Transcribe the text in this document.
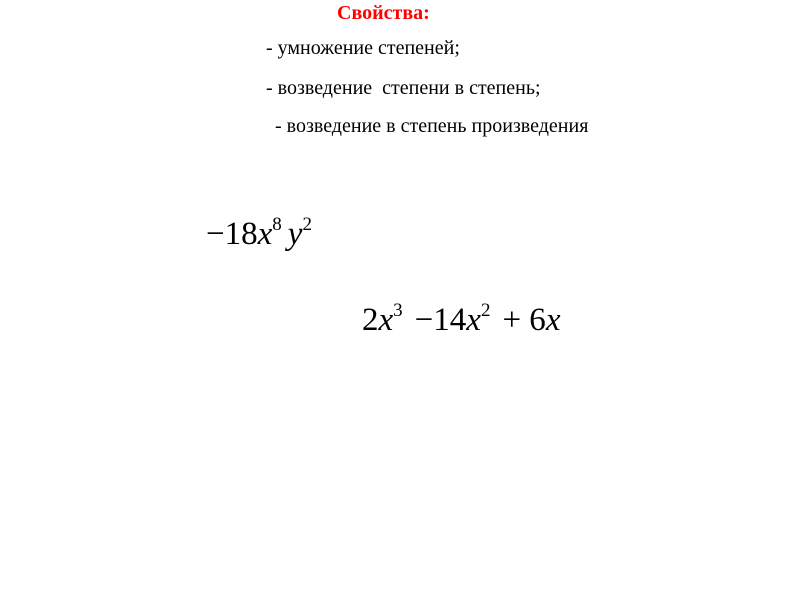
Свойства:
- умножение степеней;
- возведение  степени в степень;
- возведение в степень произведения
$-18x^8$ $y^2$
$2x^3 -14x^2 + 6x$
